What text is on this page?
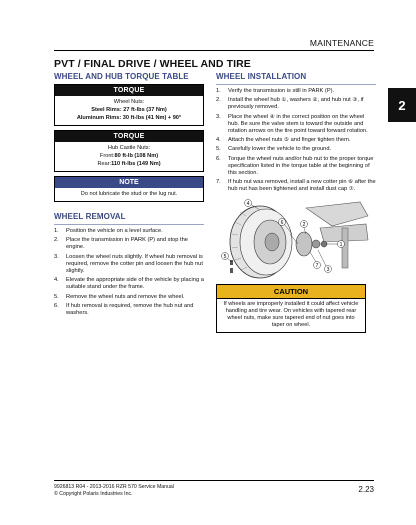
MAINTENANCE
2
PVT / FINAL DRIVE / WHEEL AND TIRE
WHEEL AND HUB TORQUE TABLE
TORQUE
Wheel Nuts:
Steel Rims: 27 ft-lbs (37 Nm)
Aluminum Rims: 30 ft-lbs (41 Nm) + 90°
TORQUE
Hub Castle Nuts:
Front:80 ft-lb (108 Nm)
Rear:110 ft-lbs (149 Nm)
NOTE
Do not lubricate the stud or the lug nut.
WHEEL REMOVAL
1.	Position the vehicle on a level surface.
2.	Place the transmission in PARK (P) and stop the engine.
3.	Loosen the wheel nuts slightly. If wheel hub removal is required, remove the cotter pin and loosen the hub nut slightly.
4.	Elevate the appropriate side of the vehicle by placing a suitable stand under the frame.
5.	Remove the wheel nuts and remove the wheel.
6.	If hub removal is required, remove the hub nut and washers.
WHEEL INSTALLATION
1.	Verify the transmission is still in PARK (P).
2.	Install the wheel hub ①, washers ②, and hub nut ③, if previously removed.
3.	Place the wheel ④ in the correct position on the wheel hub. Be sure the valve stem is toward the outside and rotation arrows on the tire point toward forward rotation.
4.	Attach the wheel nuts ⑤ and finger tighten them.
5.	Carefully lower the vehicle to the ground.
6.	Torque the wheel nuts and/or hub nut to the proper torque specification listed in the torque table at the beginning of this section.
7.	If hub nut was removed, install a new cotter pin ⑥ after the hub nut has been tightened and install dust cap ⑦.
4
5
6	2
1
3
7
CAUTION
If wheels are improperly installed it could affect vehicle handling and tire wear. On vehicles with tapered rear wheel nuts, make sure tapered end of nut goes into taper on wheel.
9926813 R04 - 2013-2016 RZR 570 Service Manual
© Copyright Polaris Industries Inc.	2.23
